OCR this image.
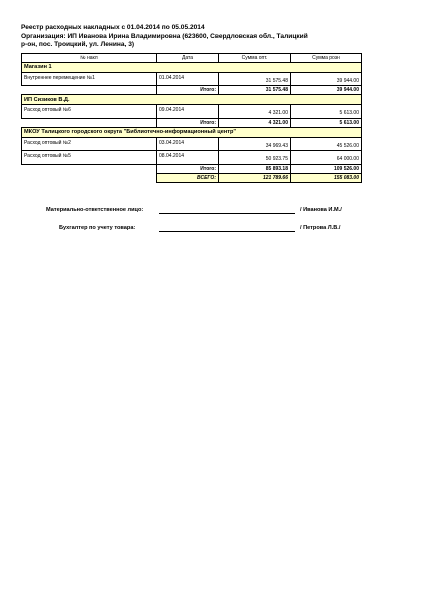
Реестр расходных накладных с 01.04.2014 по 05.05.2014
Организация: ИП Иванова Ирина Владимировна (623600, Свердловская обл., Талицкий
р-он, пос. Троицкий, ул. Ленина, 3)
№ накл	Дата	Сумма опт.	Сумма розн
Магазин 1			
Внутреннее перемещение №1	01.04.2014	31 575.48	39 944.00
	Итого:	31 575.48	39 944.00
ИП Сизиков В.Д.			
Расход оптовый №6	09.04.2014	4 321.00	5 613.00
	Итого:	4 321.00	5 613.00
МКОУ Талицкого городского округа "Библиотечно-информационный центр"			
Расход оптовый №2	03.04.2014	34 969.43	45 526.00
Расход оптовый №5	08.04.2014	50 923.75	64 000.00
	Итого:	85 893.18	109 526.00
	ВСЕГО:	121 789.66	155 083.00
Материально-ответственное лицо:	/ Иванова И.М./
Бухгалтер по учету товара:	/ Петрова Л.В./
